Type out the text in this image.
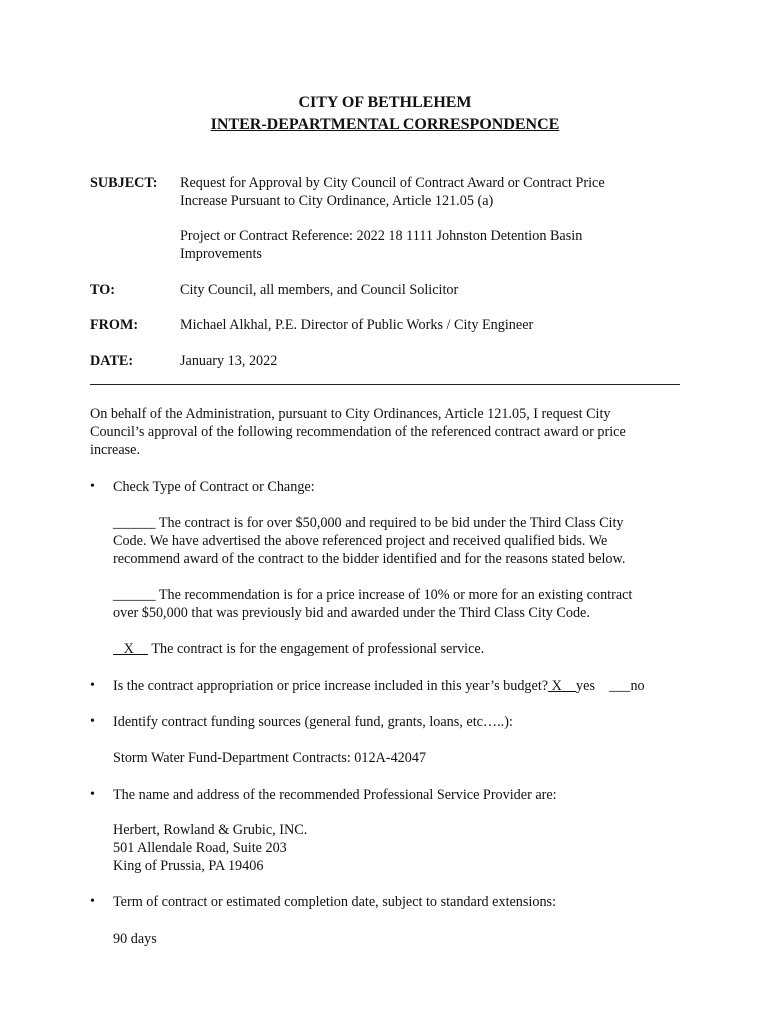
CITY OF BETHLEHEM
INTER-DEPARTMENTAL CORRESPONDENCE
SUBJECT: Request for Approval by City Council of Contract Award or Contract Price
Increase Pursuant to City Ordinance, Article 121.05 (a)
Project or Contract Reference: 2022 18 1111 Johnston Detention Basin
Improvements
TO:	City Council, all members, and Council Solicitor
FROM:	Michael Alkhal, P.E. Director of Public Works / City Engineer
DATE:	January 13, 2022
On behalf of the Administration, pursuant to City Ordinances, Article 121.05, I request City
Council’s approval of the following recommendation of the referenced contract award or price
increase.
• Check Type of Contract or Change:
______ The contract is for over $50,000 and required to be bid under the Third Class City
Code. We have advertised the above referenced project and received qualified bids. We
recommend award of the contract to the bidder identified and for the reasons stated below.
______ The recommendation is for a price increase of 10% or more for an existing contract
over $50,000 that was previously bid and awarded under the Third Class City Code.
X     The contract is for the engagement of professional service.
• Is the contract appropriation or price increase included in this year’s budget? X    yes ___no
• Identify contract funding sources (general fund, grants, loans, etc…..):
Storm Water Fund-Department Contracts: 012A-42047
• The name and address of the recommended Professional Service Provider are:
Herbert, Rowland & Grubic, INC.
501 Allendale Road, Suite 203
King of Prussia, PA 19406
• Term of contract or estimated completion date, subject to standard extensions:
90 days
